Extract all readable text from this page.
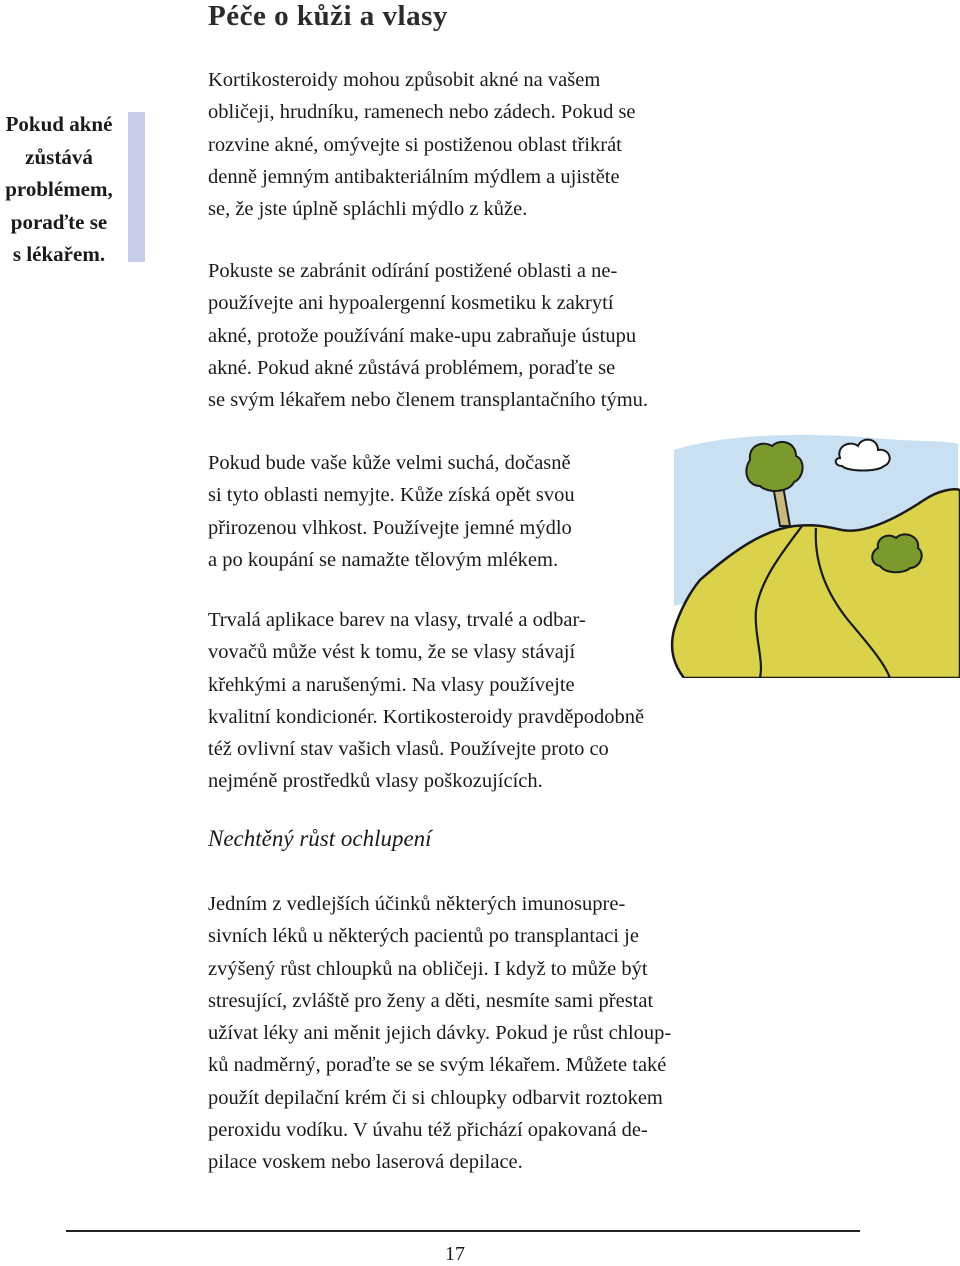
Péče o kůži a vlasy
Pokud akné
zůstává
problémem,
poraďte se
s lékařem.
Kortikosteroidy mohou způsobit akné na vašem
obličeji, hrudníku, ramenech nebo zádech. Pokud se
rozvine akné, omývejte si postiženou oblast třikrát
denně jemným antibakteriálním mýdlem a ujistěte
se, že jste úplně spláchli mýdlo z kůže.
Pokuste se zabránit odírání postižené oblasti a ne-
používejte ani hypoalergenní kosmetiku k zakrytí
akné, protože používání make-upu zabraňuje ústupu
akné. Pokud akné zůstává problémem, poraďte se
se svým lékařem nebo členem transplantačního týmu.
Pokud bude vaše kůže velmi suchá, dočasně
si tyto oblasti nemyjte. Kůže získá opět svou
přirozenou vlhkost. Používejte jemné mýdlo
a po koupání se namažte tělovým mlékem.
Trvalá aplikace barev na vlasy, trvalé a odbar-
vovačů může vést k tomu, že se vlasy stávají
křehkými a narušenými. Na vlasy používejte
kvalitní kondicionér. Kortikosteroidy pravděpodobně
též ovlivní stav vašich vlasů. Používejte proto co
nejméně prostředků vlasy poškozujících.
Nechtěný růst ochlupení
Jedním z vedlejších účinků některých imunosupre-
sivních léků u některých pacientů po transplantaci je
zvýšený růst chloupků na obličeji. I když to může být
stresující, zvláště pro ženy a děti, nesmíte sami přestat
užívat léky ani měnit jejich dávky. Pokud je růst chloup-
ků nadměrný, poraďte se se svým lékařem. Můžete také
použít depilační krém či si chloupky odbarvit roztokem
peroxidu vodíku. V úvahu též přichází opakovaná de-
pilace voskem nebo laserová depilace.
17
